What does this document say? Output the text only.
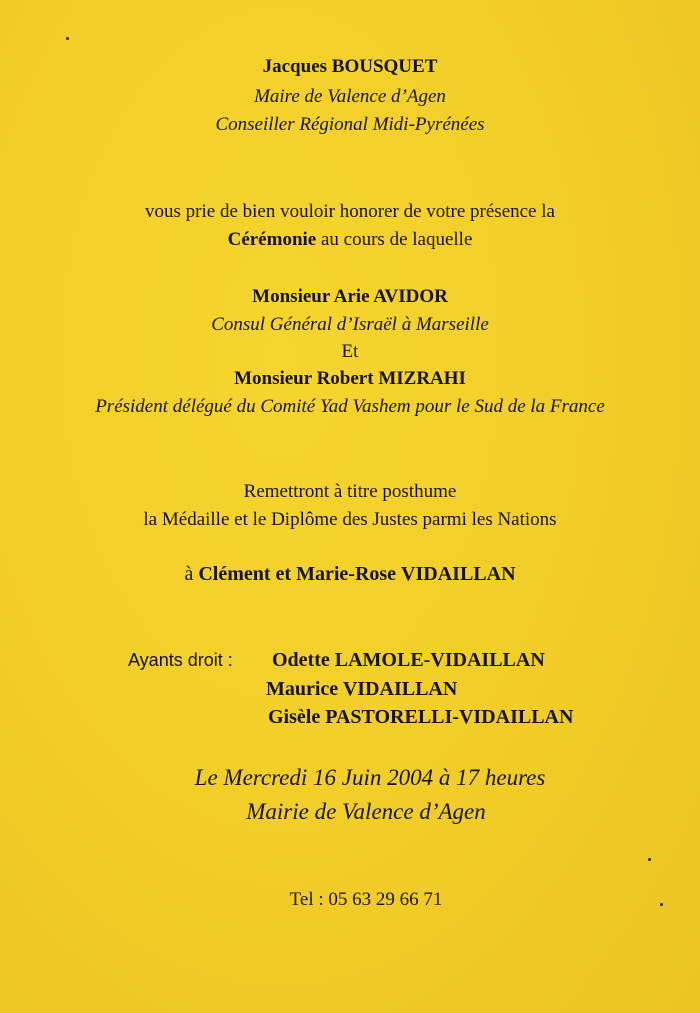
Jacques BOUSQUET
Maire de Valence d’Agen
Conseiller Régional Midi-Pyrénées
vous prie de bien vouloir honorer de votre présence la
Cérémonie au cours de laquelle
Monsieur Arie AVIDOR
Consul Général d’Israël à Marseille
Et
Monsieur Robert MIZRAHI
Président délégué du Comité Yad Vashem pour le Sud de la France
Remettront à titre posthume
la Médaille et le Diplôme des Justes parmi les Nations
à Clément et Marie-Rose VIDAILLAN
Ayants droit : Odette LAMOLE-VIDAILLAN
Maurice VIDAILLAN
Gisèle PASTORELLI-VIDAILLAN
Le Mercredi 16 Juin 2004 à 17 heures
Mairie de Valence d’Agen
Tel : 05 63 29 66 71
